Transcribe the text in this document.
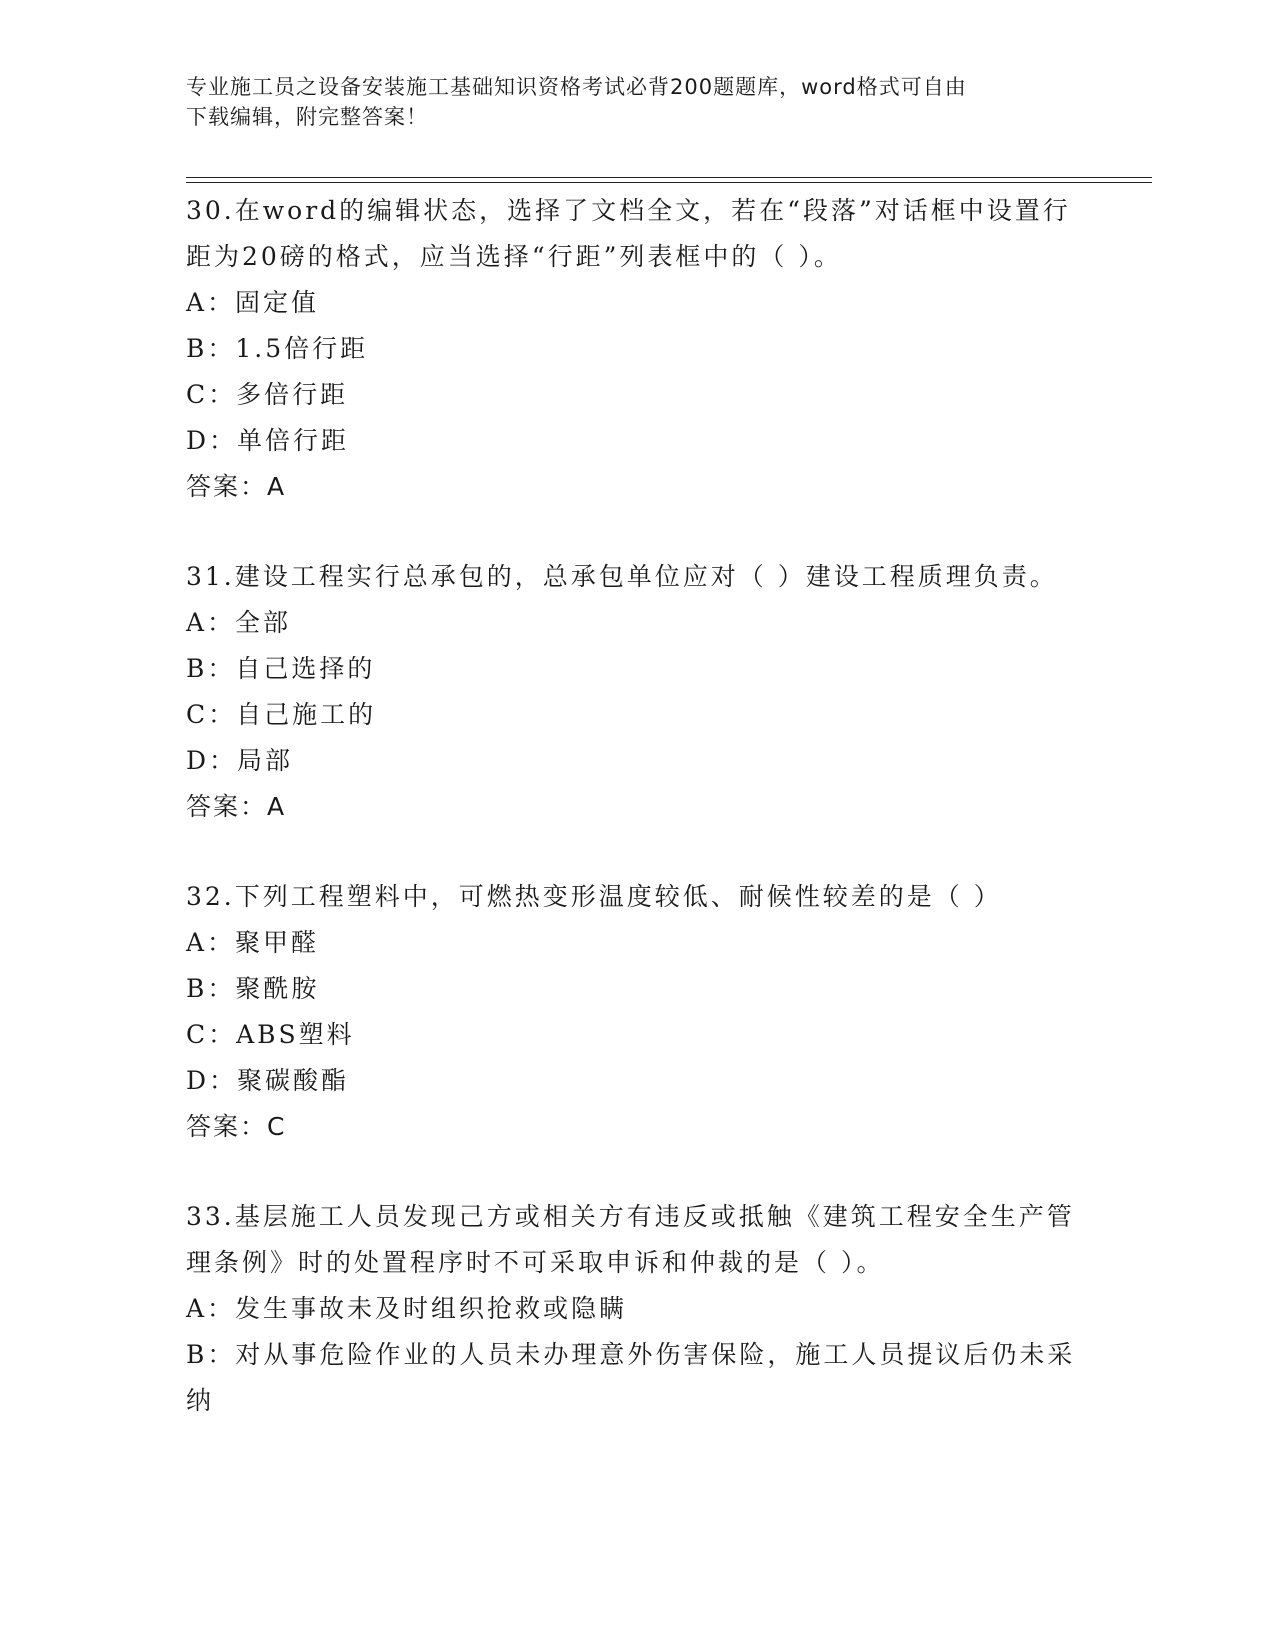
专业施工员之设备安装施工基础知识资格考试必背200题题库，word格式可自由
下载编辑，附完整答案！
30.在word的编辑状态，选择了文档全文，若在“段落”对话框中设置行距为20磅的格式，应当选择“行距”列表框中的（ ）。
A：固定值
B：1.5倍行距
C：多倍行距
D：单倍行距
答案：A
31.建设工程实行总承包的，总承包单位应对（ ）建设工程质理负责。
A：全部
B：自己选择的
C：自己施工的
D：局部
答案：A
32.下列工程塑料中，可燃热变形温度较低、耐候性较差的是（ ）
A：聚甲醛
B：聚酰胺
C：ABS塑料
D：聚碳酸酯
答案：C
33.基层施工人员发现己方或相关方有违反或抵触《建筑工程安全生产管理条例》时的处置程序时不可采取申诉和仲裁的是（ ）。
A：发生事故未及时组织抢救或隐瞒
B：对从事危险作业的人员未办理意外伤害保险，施工人员提议后仍未采纳
